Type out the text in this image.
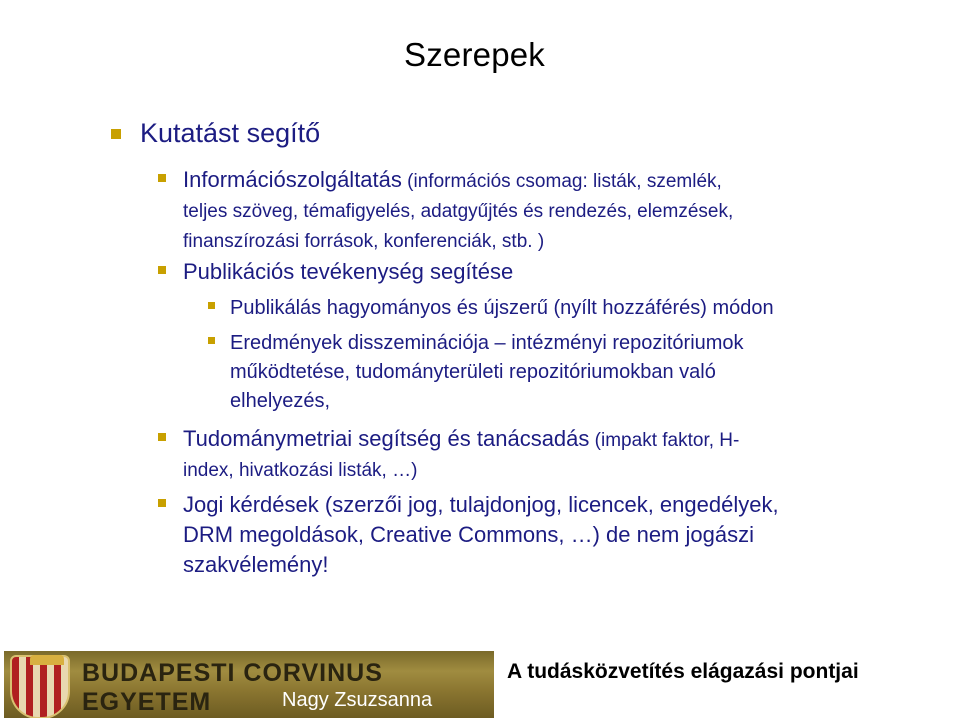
Szerepek
Kutatást segítő
Információszolgáltatás (információs csomag: listák, szemlék,
teljes szöveg, témafigyelés, adatgyűjtés és rendezés, elemzések,
finanszírozási források, konferenciák, stb. )
Publikációs tevékenység segítése
Publikálás hagyományos és újszerű (nyílt hozzáférés) módon
Eredmények disszeminációja – intézményi repozitóriumok
működtetése, tudományterületi repozitóriumokban való
elhelyezés,
Tudománymetriai segítség és tanácsadás (impakt faktor, H-
index, hivatkozási listák, …)
Jogi kérdések (szerzői jog, tulajdonjog, licencek, engedélyek,
DRM megoldások, Creative Commons, …) de nem jogászi
szakvélemény!
BUDAPESTI CORVINUS EGYETEM	Nagy Zsuzsanna
A tudásközvetítés elágazási pontjai
